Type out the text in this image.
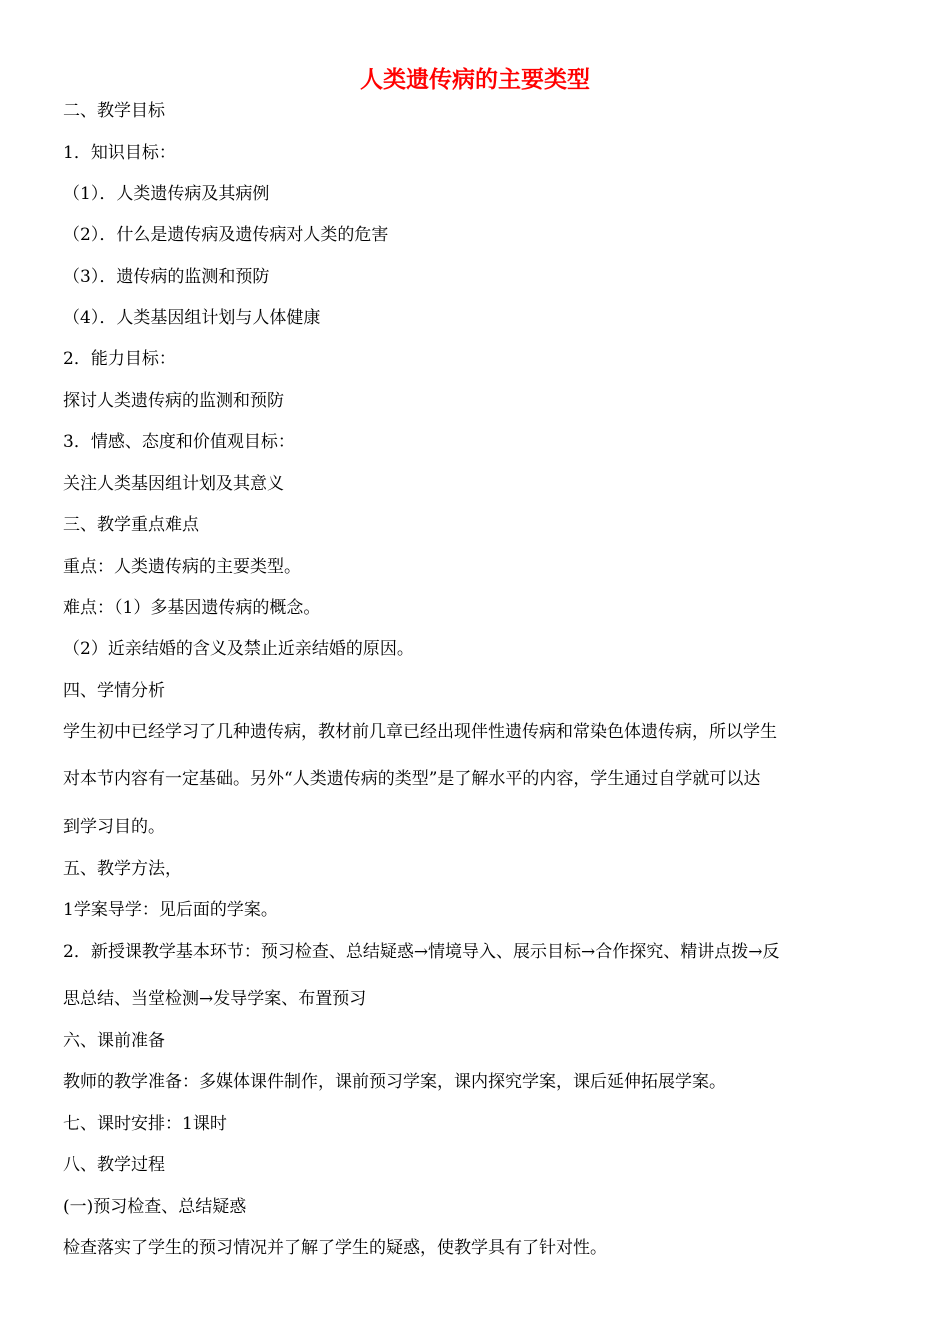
人类遗传病的主要类型
二、教学目标
1．知识目标：
（1）．人类遗传病及其病例
（2）．什么是遗传病及遗传病对人类的危害
（3）．遗传病的监测和预防
（4）．人类基因组计划与人体健康
2．能力目标：
探讨人类遗传病的监测和预防
3．情感、态度和价值观目标：
关注人类基因组计划及其意义
三、教学重点难点
重点：人类遗传病的主要类型。
难点：（1）多基因遗传病的概念。
（2）近亲结婚的含义及禁止近亲结婚的原因。
四、学情分析
学生初中已经学习了几种遗传病，教材前几章已经出现伴性遗传病和常染色体遗传病，所以学生
对本节内容有一定基础。另外“人类遗传病的类型”是了解水平的内容，学生通过自学就可以达
到学习目的。
五、教学方法，
1学案导学：见后面的学案。
2．新授课教学基本环节：预习检查、总结疑惑→情境导入、展示目标→合作探究、精讲点拨→反
思总结、当堂检测→发导学案、布置预习
六、课前准备
教师的教学准备：多媒体课件制作，课前预习学案，课内探究学案，课后延伸拓展学案。
七、课时安排：1课时
八、教学过程
(一)预习检查、总结疑惑
检查落实了学生的预习情况并了解了学生的疑惑，使教学具有了针对性。
